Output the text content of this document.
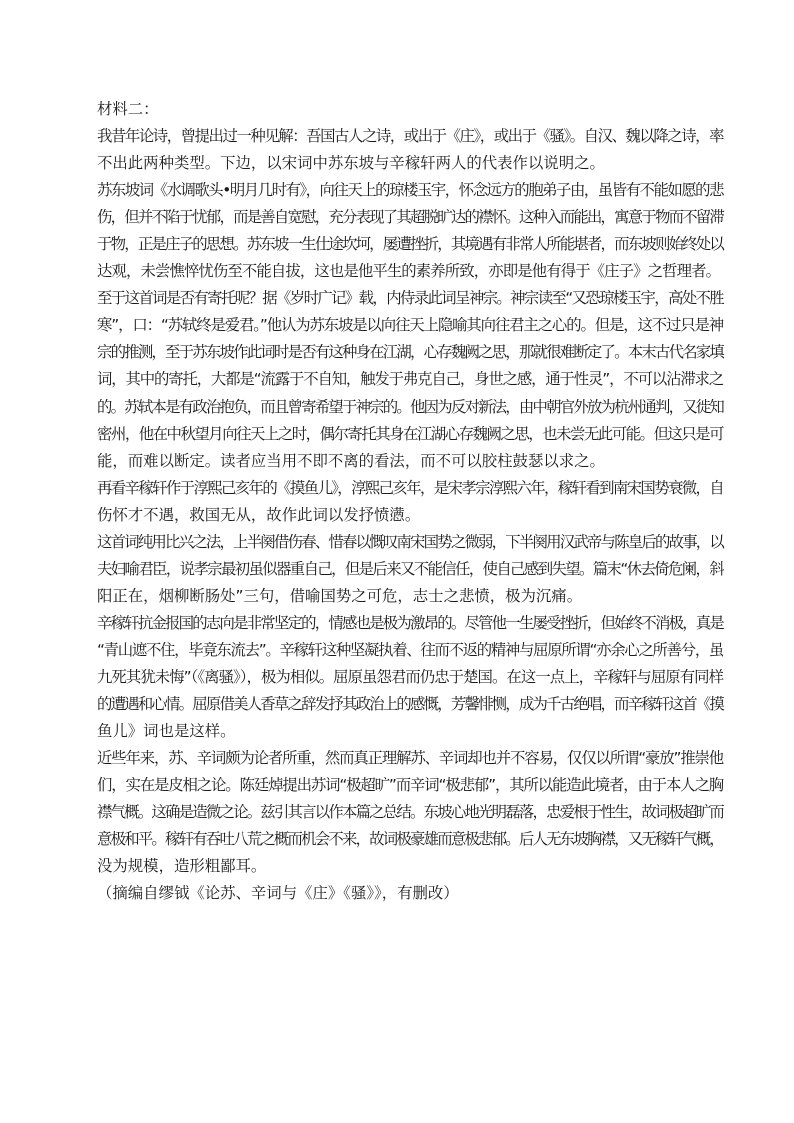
材料二：
我昔年论诗，曾提出过一种见解：吾国古人之诗，或出于《庄》，或出于《骚》。自汉、魏以降之诗，率
不出此两种类型。下边，以宋词中苏东坡与辛稼轩两人的代表作以说明之。
苏东坡词《水调歌头•明月几时有》，向往天上的琼楼玉宇，怀念远方的胞弟子由，虽皆有不能如愿的悲
伤，但并不陷于忧郁，而是善自宽慰，充分表现了其超脱旷达的襟怀。这种入而能出，寓意于物而不留滞
于物，正是庄子的思想。苏东坡一生仕途坎坷，屡遭挫折，其境遇有非常人所能堪者，而东坡则始终处以
达观，未尝憔悴忧伤至不能自拔，这也是他平生的素养所致，亦即是他有得于《庄子》之哲理者。
至于这首词是否有寄托呢？据《岁时广记》载，内侍录此词呈神宗。神宗读至“又恐琼楼玉宇，高处不胜
寒”，口：“苏轼终是爱君。”他认为苏东坡是以向往天上隐喻其向往君主之心的。但是，这不过只是神
宗的推测，至于苏东坡作此词时是否有这种身在江湖，心存魏阙之思，那就很难断定了。本末古代名家填
词，其中的寄托，大都是“流露于不自知，触发于弗克自己，身世之感，通于性灵”，不可以沾滞求之
的。苏轼本是有政治抱负，而且曾寄希望于神宗的。他因为反对新法，由中朝官外放为杭州通判，又徙知
密州，他在中秋望月向往天上之时，偶尔寄托其身在江湖心存魏阙之思，也未尝无此可能。但这只是可
能，而难以断定。读者应当用不即不离的看法，而不可以胶柱鼓瑟以求之。
再看辛稼轩作于淳熙己亥年的《摸鱼儿》，淳熙己亥年，是宋孝宗淳熙六年，稼轩看到南宋国势衰微，自
伤怀才不遇，救国无从，故作此词以发抒愤懑。
这首词纯用比兴之法，上半阕借伤春、惜春以慨叹南宋国势之微弱，下半阕用汉武帝与陈皇后的故事，以
夫妇喻君臣，说孝宗最初虽似器重自己，但是后来又不能信任，使自己感到失望。篇末“休去倚危阑，斜
阳正在，烟柳断肠处”三句，借喻国势之可危，志士之悲愤，极为沉痛。
辛稼轩抗金报国的志向是非常坚定的，情感也是极为激昂的。尽管他一生屡受挫折，但始终不消极，真是
“青山遮不住，毕竟东流去”。辛稼轩这种坚凝执着、往而不返的精神与屈原所谓“亦余心之所善兮，虽
九死其犹未悔”（《离骚》），极为相似。屈原虽怨君而仍忠于楚国。在这一点上，辛稼轩与屈原有同样
的遭遇和心情。屈原借美人香草之辞发抒其政治上的感慨，芳馨悱恻，成为千古绝唱，而辛稼轩这首《摸
鱼儿》词也是这样。
近些年来，苏、辛词颇为论者所重，然而真正理解苏、辛词却也并不容易，仅仅以所谓“豪放”推崇他
们，实在是皮相之论。陈廷焯提出苏词“极超旷”而辛词“极悲郁”，其所以能造此境者，由于本人之胸
襟气概。这确是造微之论。兹引其言以作本篇之总结。东坡心地光明磊落，忠爱根于性生，故词极超旷而
意极和平。稼轩有吞吐八荒之概而机会不来，故词极豪雄而意极悲郁。后人无东坡胸襟，又无稼轩气概，
没为规模，造形粗鄙耳。
（摘编自缪钺《论苏、辛词与《庄》《骚》》，有删改）
